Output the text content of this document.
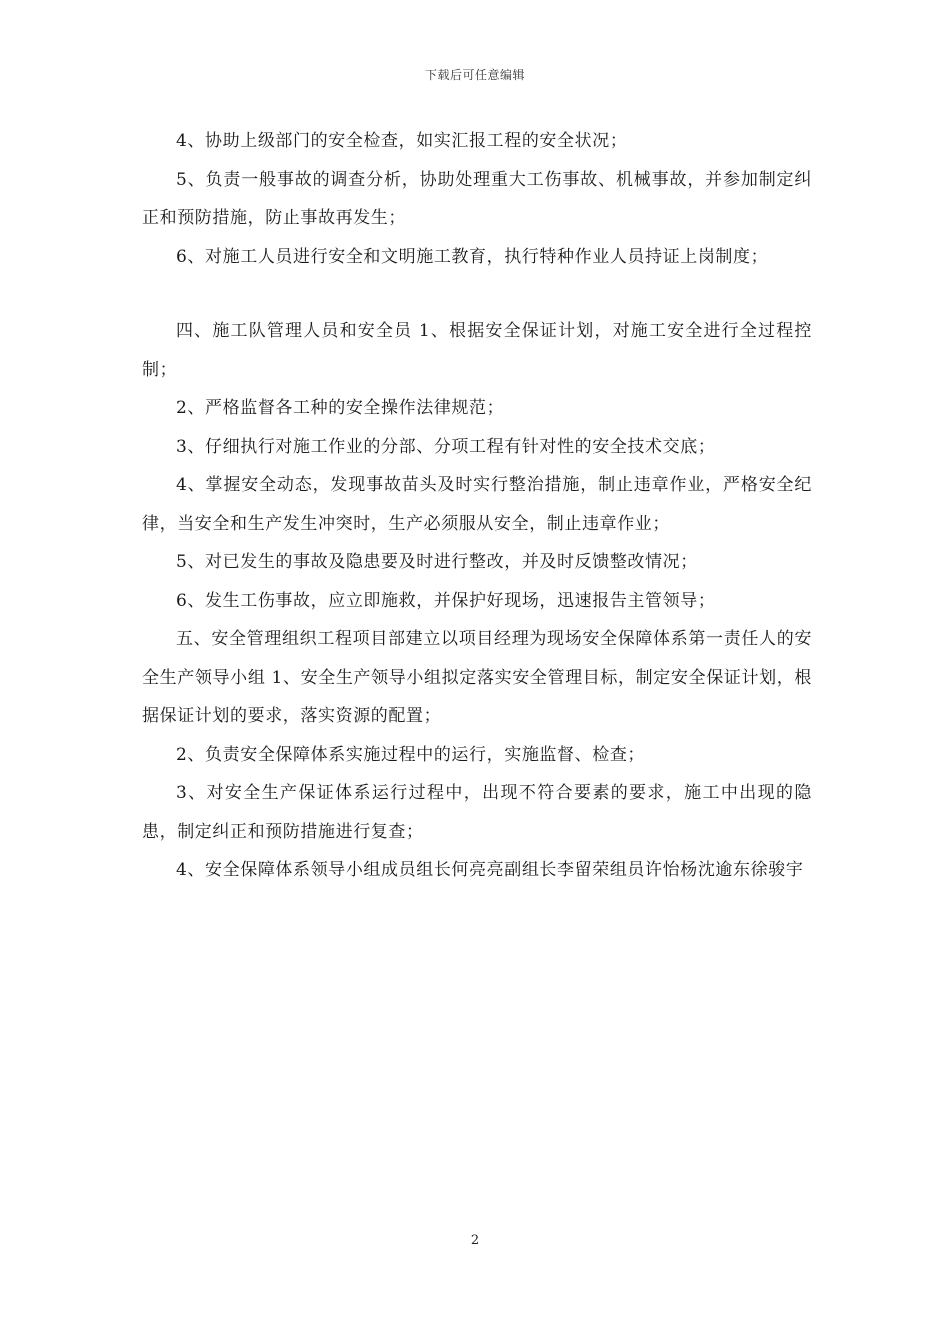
下载后可任意编辑

4、协助上级部门的安全检查，如实汇报工程的安全状况；

5、负责一般事故的调查分析，协助处理重大工伤事故、机械事故，并参加制定纠正和预防措施，防止事故再发生；

6、对施工人员进行安全和文明施工教育，执行特种作业人员持证上岗制度；

四、施工队管理人员和安全员 1、根据安全保证计划，对施工安全进行全过程控制；

2、严格监督各工种的安全操作法律规范；

3、仔细执行对施工作业的分部、分项工程有针对性的安全技术交底；

4、掌握安全动态，发现事故苗头及时实行整治措施，制止违章作业，严格安全纪律，当安全和生产发生冲突时，生产必须服从安全，制止违章作业；

5、对已发生的事故及隐患要及时进行整改，并及时反馈整改情况；

6、发生工伤事故，应立即施救，并保护好现场，迅速报告主管领导；

五、安全管理组织工程项目部建立以项目经理为现场安全保障体系第一责任人的安全生产领导小组 1、安全生产领导小组拟定落实安全管理目标，制定安全保证计划，根据保证计划的要求，落实资源的配置；

2、负责安全保障体系实施过程中的运行，实施监督、检查；

3、对安全生产保证体系运行过程中，出现不符合要素的要求，施工中出现的隐患，制定纠正和预防措施进行复查；

4、安全保障体系领导小组成员组长何亮亮副组长李留荣组员许怡杨沈逾东徐骏宇

2
